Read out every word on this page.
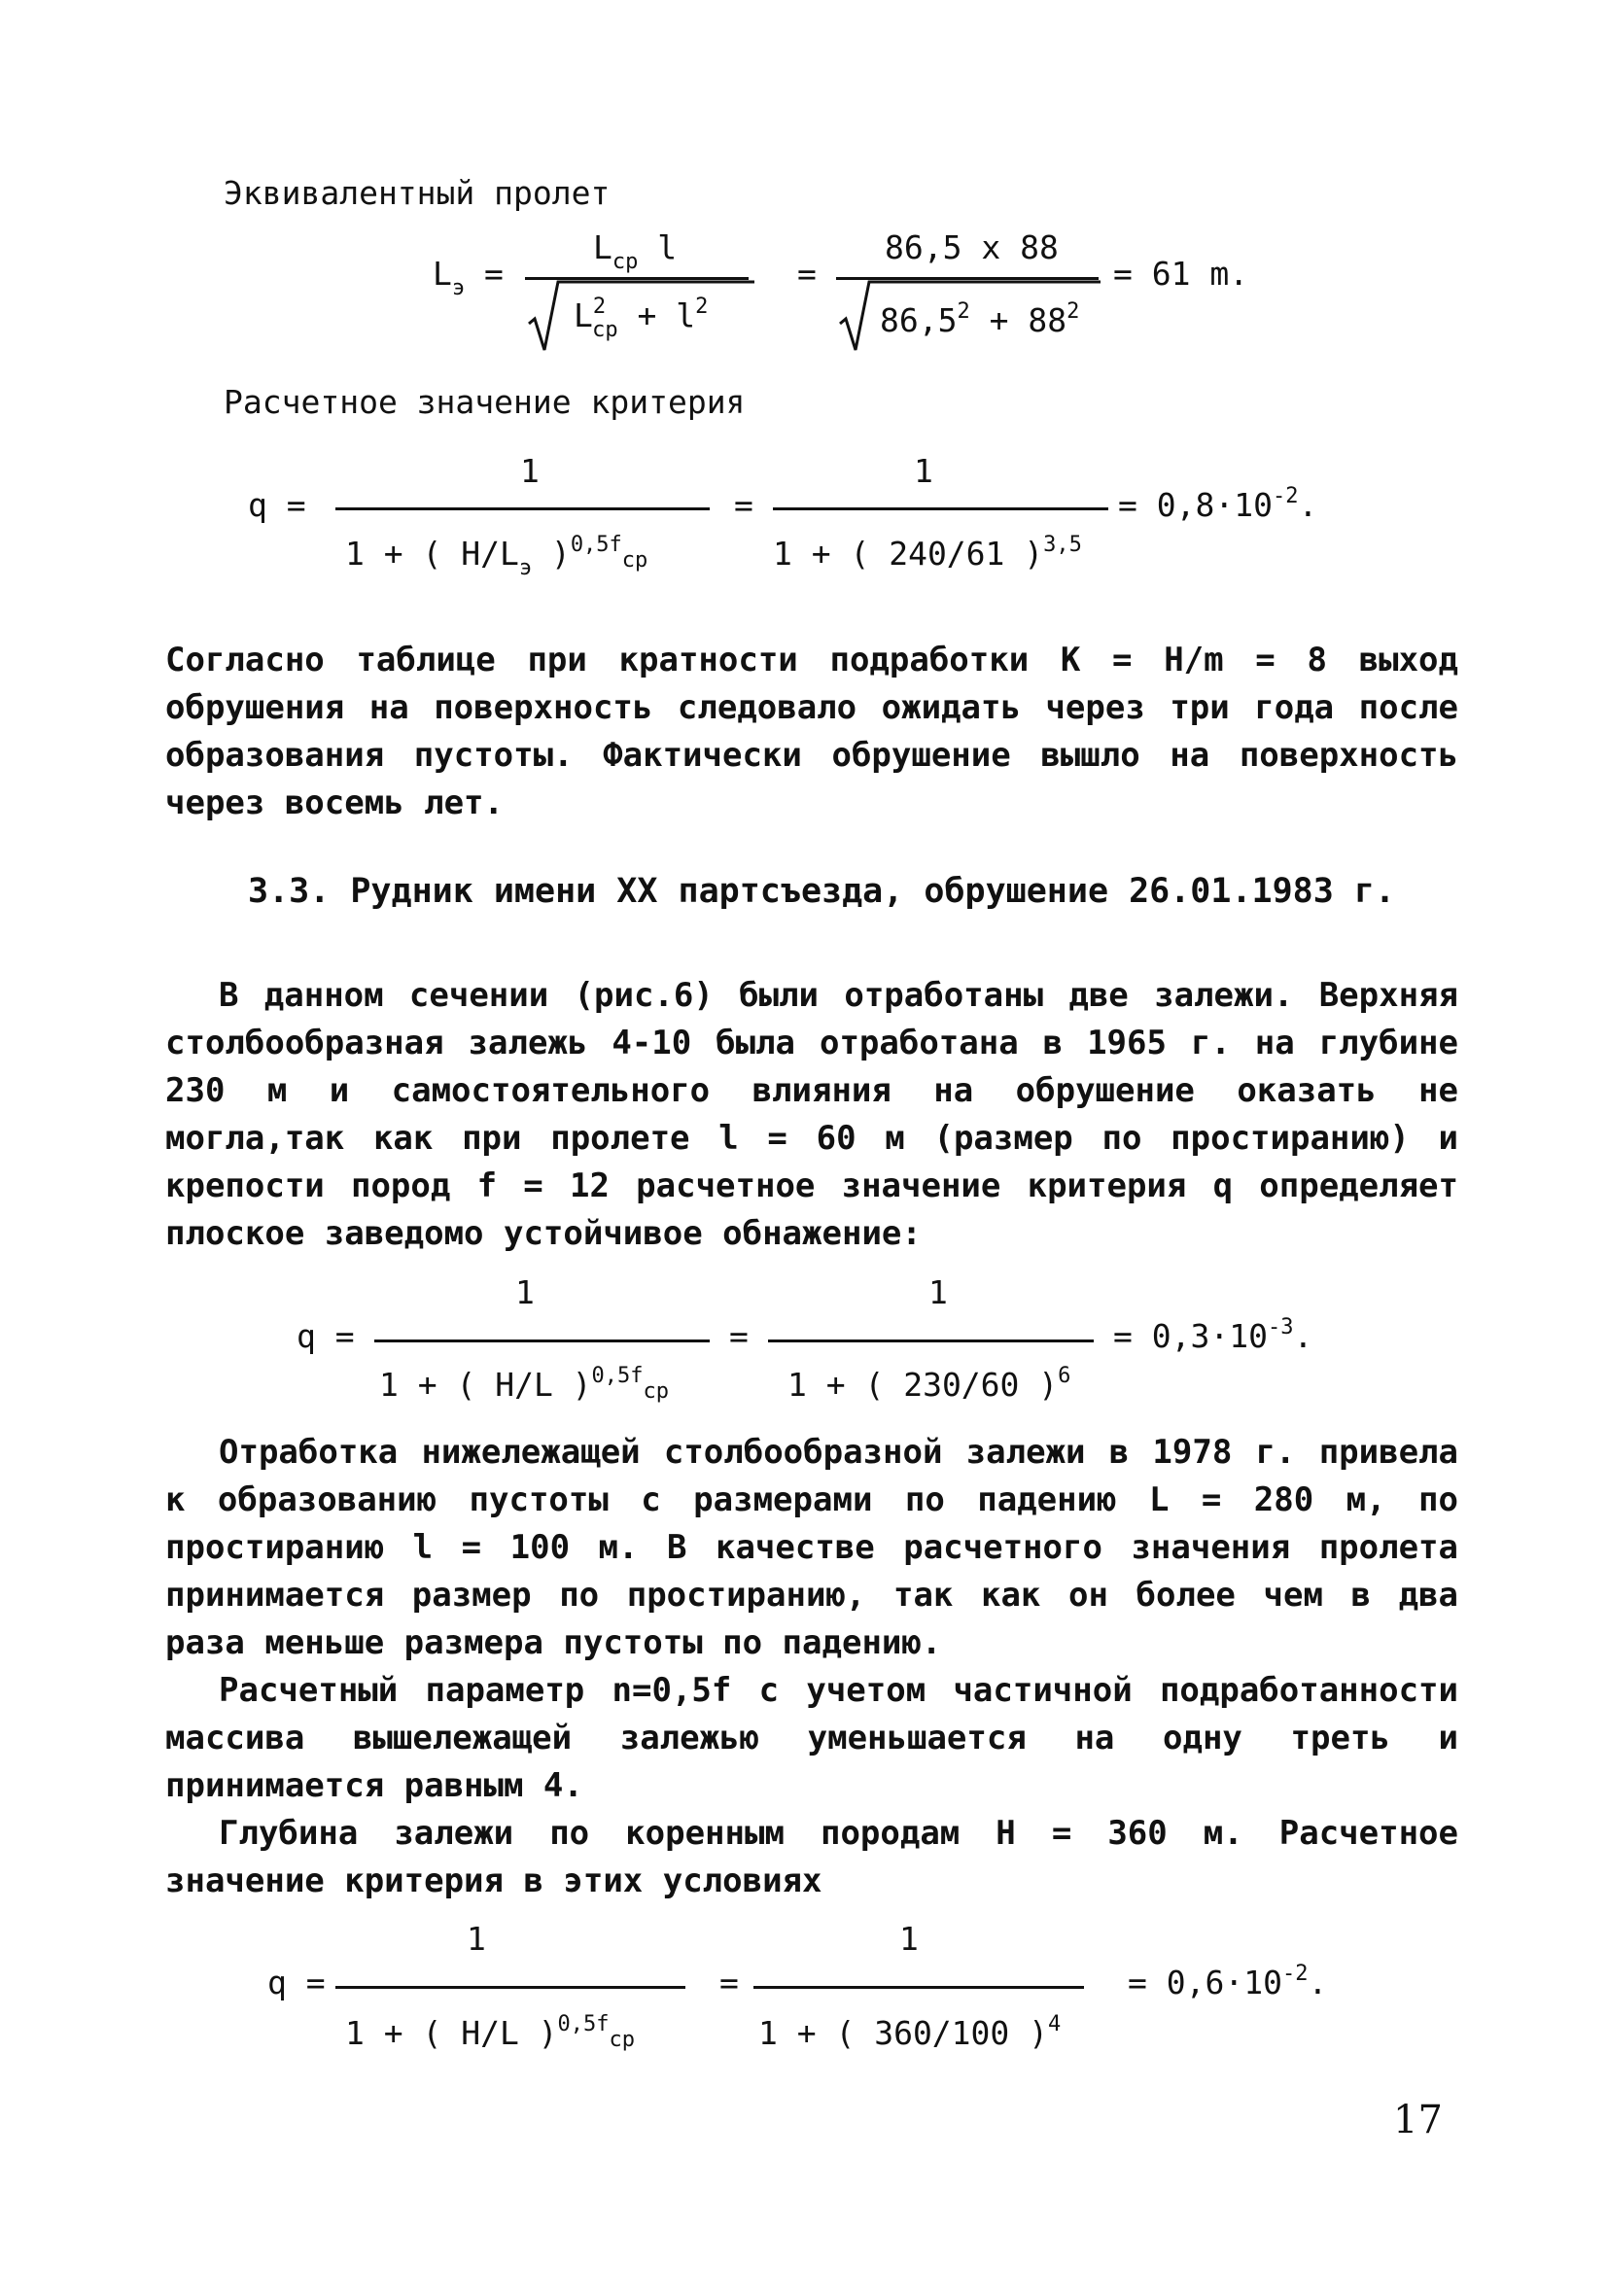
Эквивалентный пролет
$L_э$ =
$L_{cp}$ l
$L^2_{cp} + l^2$
=
86,5 x 88
$86,5^2 + 88^2$
= 61 m.
Расчетное значение критерия
q =
1
1 + ( $H/L_э$ )$^{0,5f}$cp
=
1
1 + ( 240/61 )$^{3,5}$
= $0,8\cdot 10^{-2}$.
Согласно таблице при кратности подработки K = H/m = 8 выход обрушения на поверхность следовало ожидать через три года после образования пустоты. Фактически обрушение вышло на поверхность через восемь лет.
3.3. Рудник имени XX партсъезда, обрушение 26.01.1983 г.
В данном сечении (рис.6) были отработаны две залежи. Верхняя столбообразная залежь 4-10 была отработана в 1965 г. на глубине 230 м и самостоятельного влияния на обрушение оказать не могла,так как при пролете l = 60 м (размер по простиранию) и крепости пород f = 12 расчетное значение критерия q определяет плоское заведомо устойчивое обнажение:
q =
1
1 + ( H/L )$^{0,5f}$cp
=
1
1 + ( 230/60 )$^6$
= $0,3\cdot 10^{-3}$.
Отработка нижележащей столбообразной залежи в 1978 г. привела к образованию пустоты с размерами по падению L = 280 м, по простиранию l = 100 м. В качестве расчетного значения пролета принимается размер по простиранию, так как он более чем в два раза меньше размера пустоты по падению.
Расчетный параметр n=0,5f с учетом частичной подработанности массива вышележащей залежью уменьшается на одну треть и принимается равным 4.
Глубина залежи по коренным породам H = 360 м. Расчетное значение критерия в этих условиях
q =
1
1 + ( H/L )$^{0,5f}$cp
=
1
1 + ( 360/100 )$^4$
= $0,6\cdot 10^{-2}$.
17
